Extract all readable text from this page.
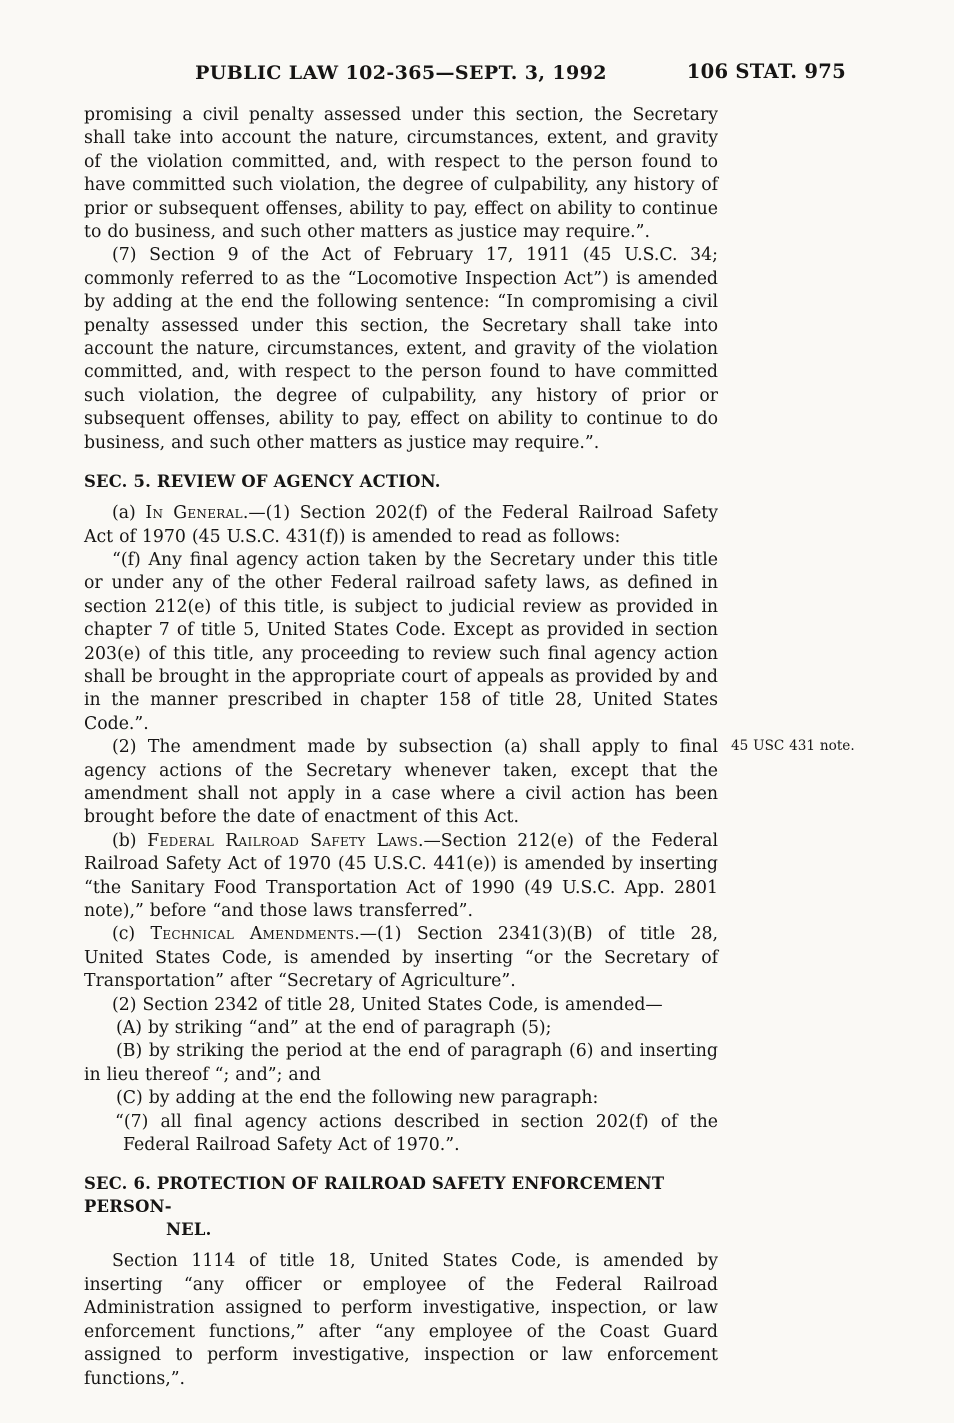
PUBLIC LAW 102-365—SEPT. 3, 1992	106 STAT. 975

promising a civil penalty assessed under this section, the Secretary shall take into account the nature, circumstances, extent, and gravity of the violation committed, and, with respect to the person found to have committed such violation, the degree of culpability, any history of prior or subsequent offenses, ability to pay, effect on ability to continue to do business, and such other matters as justice may require.”.

(7) Section 9 of the Act of February 17, 1911 (45 U.S.C. 34; commonly referred to as the “Locomotive Inspection Act”) is amended by adding at the end the following sentence: “In compromising a civil penalty assessed under this section, the Secretary shall take into account the nature, circumstances, extent, and gravity of the violation committed, and, with respect to the person found to have committed such violation, the degree of culpability, any history of prior or subsequent offenses, ability to pay, effect on ability to continue to do business, and such other matters as justice may require.”.

SEC. 5. REVIEW OF AGENCY ACTION.

(a) In General.—(1) Section 202(f) of the Federal Railroad Safety Act of 1970 (45 U.S.C. 431(f)) is amended to read as follows:

“(f) Any final agency action taken by the Secretary under this title or under any of the other Federal railroad safety laws, as defined in section 212(e) of this title, is subject to judicial review as provided in chapter 7 of title 5, United States Code. Except as provided in section 203(e) of this title, any proceeding to review such final agency action shall be brought in the appropriate court of appeals as provided by and in the manner prescribed in chapter 158 of title 28, United States Code.”.

(2) The amendment made by subsection (a) shall apply to final agency actions of the Secretary whenever taken, except that the amendment shall not apply in a case where a civil action has been brought before the date of enactment of this Act.
45 USC 431 note.

(b) Federal Railroad Safety Laws.—Section 212(e) of the Federal Railroad Safety Act of 1970 (45 U.S.C. 441(e)) is amended by inserting “the Sanitary Food Transportation Act of 1990 (49 U.S.C. App. 2801 note),” before “and those laws transferred”.

(c) Technical Amendments.—(1) Section 2341(3)(B) of title 28, United States Code, is amended by inserting “or the Secretary of Transportation” after “Secretary of Agriculture”.

(2) Section 2342 of title 28, United States Code, is amended—

(A) by striking “and” at the end of paragraph (5);

(B) by striking the period at the end of paragraph (6) and inserting in lieu thereof “; and”; and

(C) by adding at the end the following new paragraph:

“(7) all final agency actions described in section 202(f) of the Federal Railroad Safety Act of 1970.”.

SEC. 6. PROTECTION OF RAILROAD SAFETY ENFORCEMENT PERSON-
NEL.

Section 1114 of title 18, United States Code, is amended by inserting “any officer or employee of the Federal Railroad Administration assigned to perform investigative, inspection, or law enforcement functions,” after “any employee of the Coast Guard assigned to perform investigative, inspection or law enforcement functions,”.
